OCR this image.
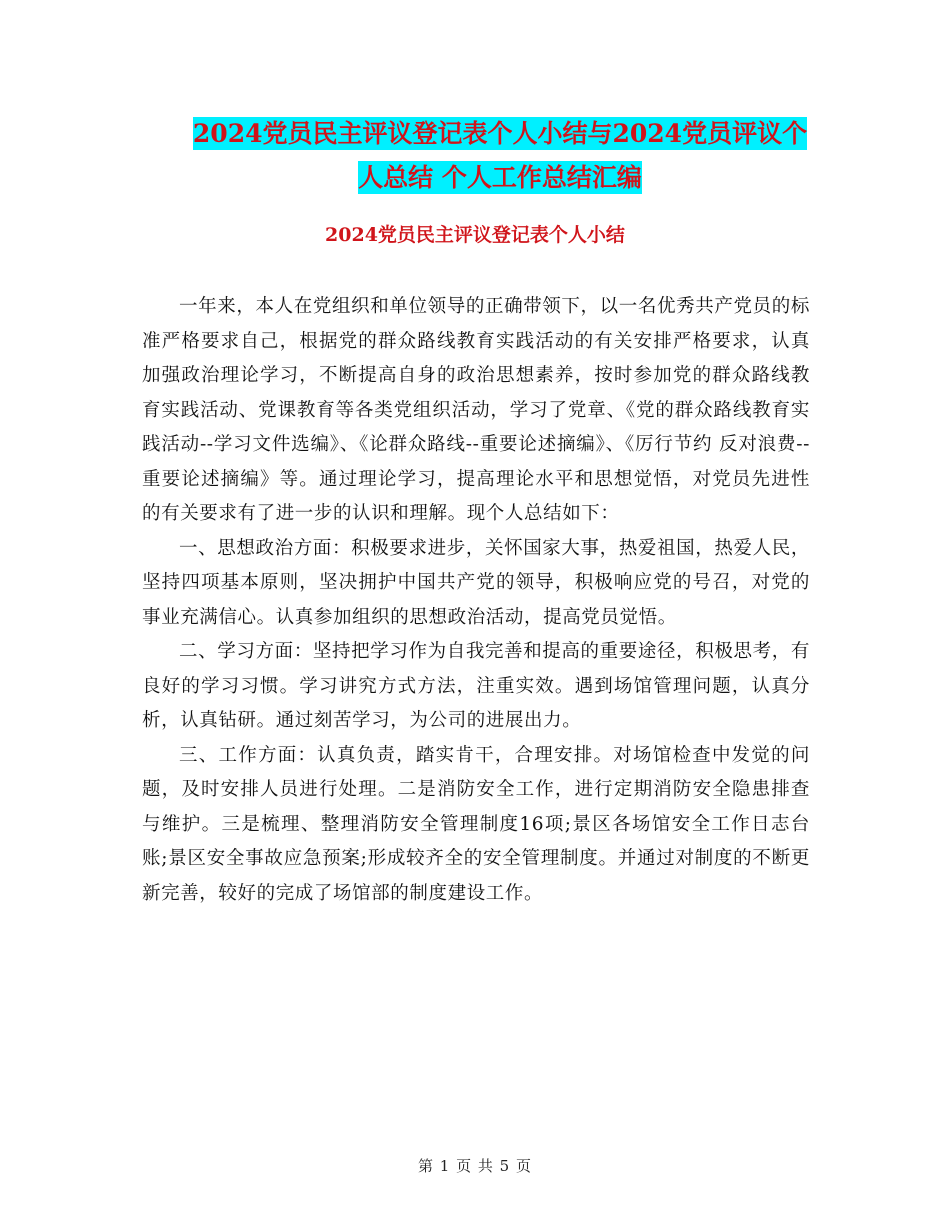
2024党员民主评议登记表个人小结与2024党员评议个
人总结 个人工作总结汇编
2024党员民主评议登记表个人小结

一年来，本人在党组织和单位领导的正确带领下，以一名优秀共产党员的标准严格要求自己，根据党的群众路线教育实践活动的有关安排严格要求，认真加强政治理论学习，不断提高自身的政治思想素养，按时参加党的群众路线教育实践活动、党课教育等各类党组织活动，学习了党章、《党的群众路线教育实践活动--学习文件选编》、《论群众路线--重要论述摘编》、《厉行节约 反对浪费--重要论述摘编》等。通过理论学习，提高理论水平和思想觉悟，对党员先进性的有关要求有了进一步的认识和理解。现个人总结如下：

一、思想政治方面：积极要求进步，关怀国家大事，热爱祖国，热爱人民，坚持四项基本原则，坚决拥护中国共产党的领导，积极响应党的号召，对党的事业充满信心。认真参加组织的思想政治活动，提高党员觉悟。

二、学习方面：坚持把学习作为自我完善和提高的重要途径，积极思考，有良好的学习习惯。学习讲究方式方法，注重实效。遇到场馆管理问题，认真分析，认真钻研。通过刻苦学习，为公司的进展出力。

三、工作方面：认真负责，踏实肯干，合理安排。对场馆检查中发觉的问题，及时安排人员进行处理。二是消防安全工作，进行定期消防安全隐患排查与维护。三是梳理、整理消防安全管理制度16项;景区各场馆安全工作日志台账;景区安全事故应急预案;形成较齐全的安全管理制度。并通过对制度的不断更新完善，较好的完成了场馆部的制度建设工作。

第 1 页 共 5 页
